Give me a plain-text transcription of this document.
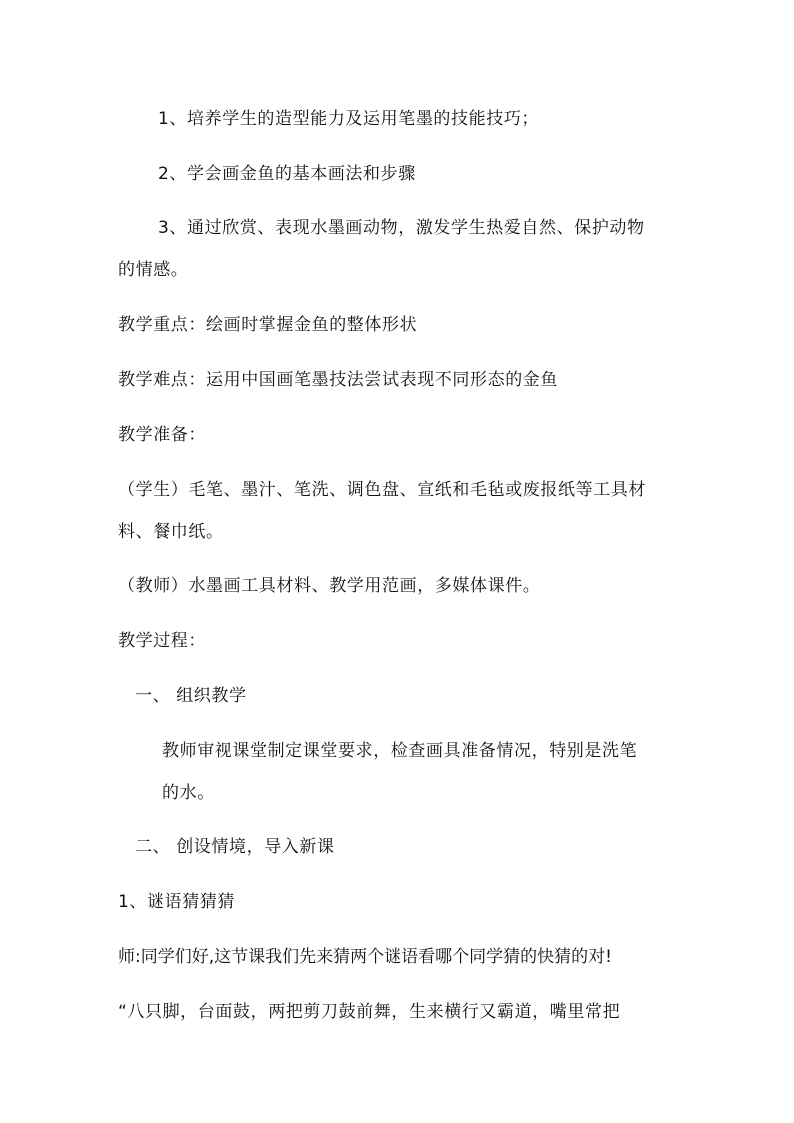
1、培养学生的造型能力及运用笔墨的技能技巧；
2、学会画金鱼的基本画法和步骤
3、通过欣赏、表现水墨画动物，激发学生热爱自然、保护动物
的情感。
教学重点：绘画时掌握金鱼的整体形状
教学难点：运用中国画笔墨技法尝试表现不同形态的金鱼
教学准备：
（学生）毛笔、墨汁、笔洗、调色盘、宣纸和毛毡或废报纸等工具材
料、餐巾纸。
（教师）水墨画工具材料、教学用范画，多媒体课件。
教学过程：
一、 组织教学
教师审视课堂制定课堂要求，检查画具准备情况，特别是洗笔
的水。
二、 创设情境，导入新课
1、谜语猜猜猜
师:同学们好,这节课我们先来猜两个谜语看哪个同学猜的快猜的对!
“八只脚，台面鼓，两把剪刀鼓前舞，生来横行又霸道，嘴里常把
